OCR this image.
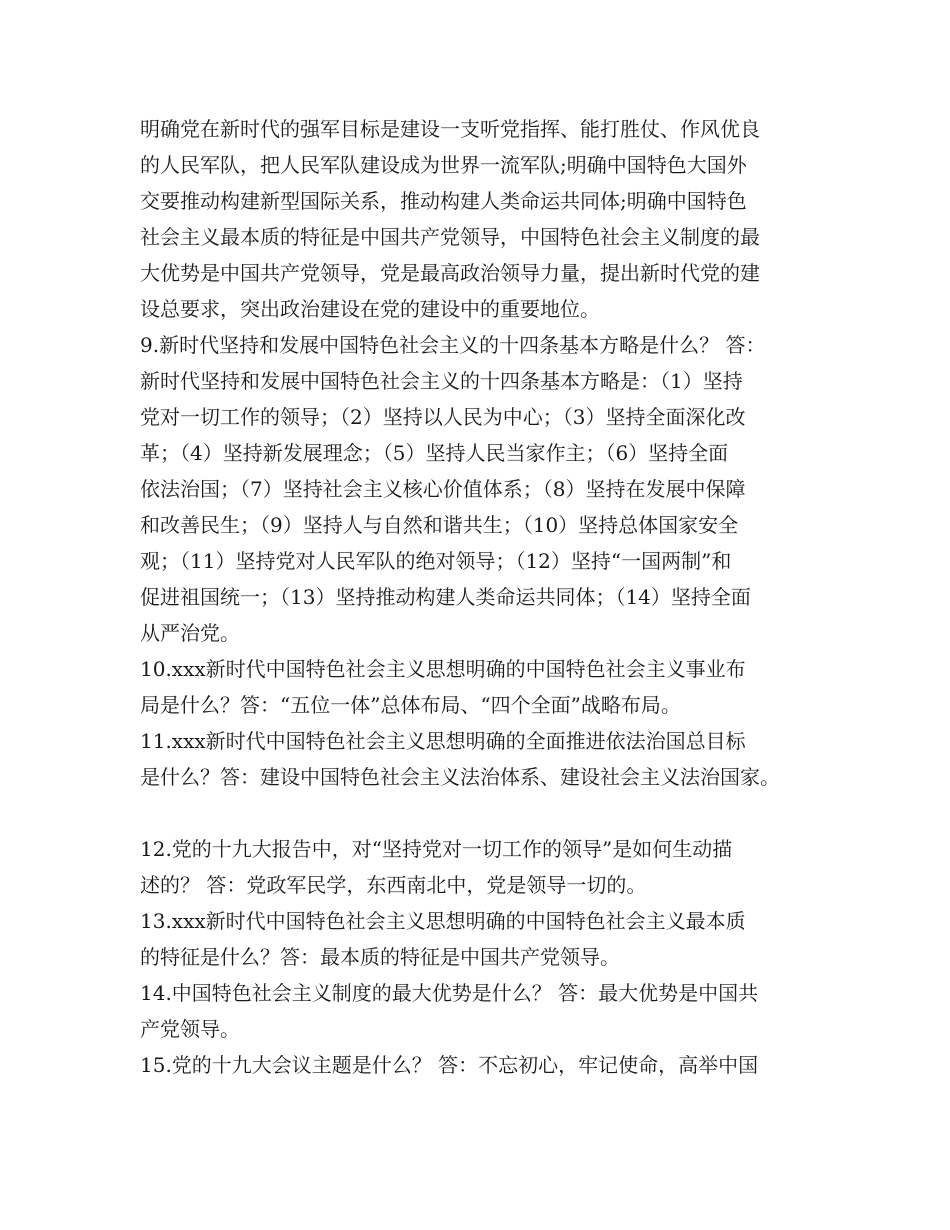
明确党在新时代的强军目标是建设一支听党指挥、能打胜仗、作风优良
的人民军队，把人民军队建设成为世界一流军队;明确中国特色大国外
交要推动构建新型国际关系，推动构建人类命运共同体;明确中国特色
社会主义最本质的特征是中国共产党领导，中国特色社会主义制度的最
大优势是中国共产党领导，党是最高政治领导力量，提出新时代党的建
设总要求，突出政治建设在党的建设中的重要地位。
9.新时代坚持和发展中国特色社会主义的十四条基本方略是什么？ 答：
新时代坚持和发展中国特色社会主义的十四条基本方略是：（1）坚持
党对一切工作的领导；（2）坚持以人民为中心；（3）坚持全面深化改
革；（4）坚持新发展理念；（5）坚持人民当家作主；（6）坚持全面
依法治国；（7）坚持社会主义核心价值体系；（8）坚持在发展中保障
和改善民生；（9）坚持人与自然和谐共生；（10）坚持总体国家安全
观；（11）坚持党对人民军队的绝对领导；（12）坚持“一国两制”和
促进祖国统一；（13）坚持推动构建人类命运共同体；（14）坚持全面
从严治党。
10.xxx新时代中国特色社会主义思想明确的中国特色社会主义事业布
局是什么？答：“五位一体”总体布局、“四个全面”战略布局。
11.xxx新时代中国特色社会主义思想明确的全面推进依法治国总目标
是什么？答：建设中国特色社会主义法治体系、建设社会主义法治国家。
12.党的十九大报告中，对“坚持党对一切工作的领导”是如何生动描
述的？ 答：党政军民学，东西南北中，党是领导一切的。
13.xxx新时代中国特色社会主义思想明确的中国特色社会主义最本质
的特征是什么？答：最本质的特征是中国共产党领导。
14.中国特色社会主义制度的最大优势是什么？ 答：最大优势是中国共
产党领导。
15.党的十九大会议主题是什么？ 答：不忘初心，牢记使命，高举中国
